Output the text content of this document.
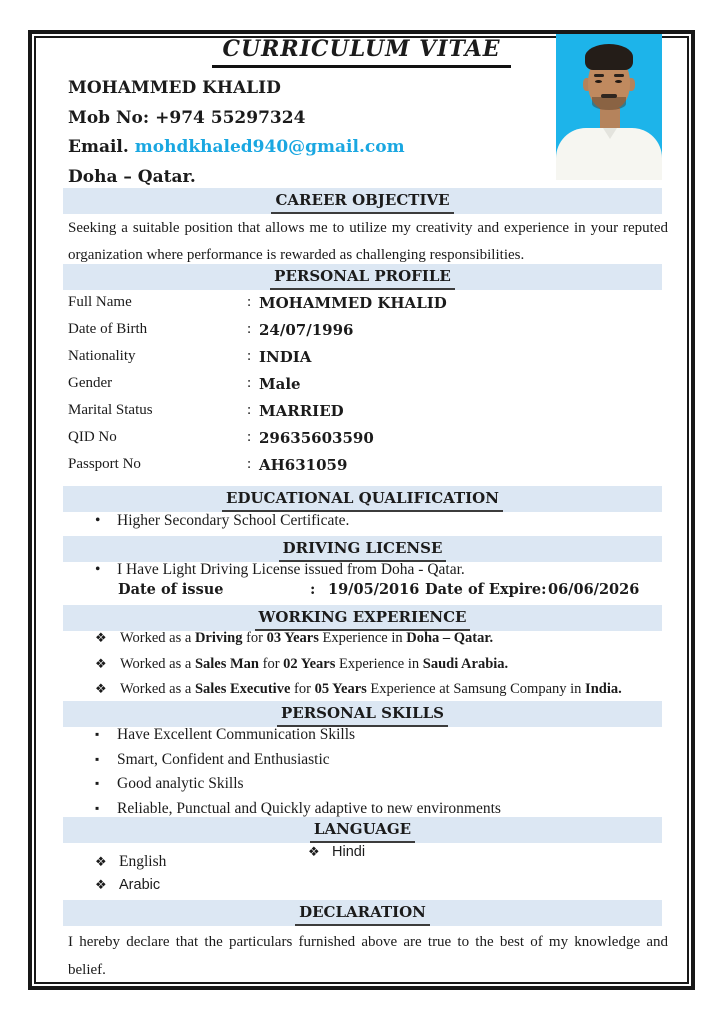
CURRICULUM VITAE
MOHAMMED KHALID
Mob No: +974 55297324
Email. mohdkhaled940@gmail.com
Doha – Qatar.
CAREER OBJECTIVE
Seeking a suitable position that allows me to utilize my creativity and experience in your reputed organization where performance is rewarded as challenging responsibilities.
PERSONAL PROFILE
Full Name	: MOHAMMED KHALID
Date of Birth	: 24/07/1996
Nationality	: INDIA
Gender	: Male
Marital Status	: MARRIED
QID No	: 29635603590
Passport No	: AH631059
EDUCATIONAL QUALIFICATION
• Higher Secondary School Certificate.
DRIVING LICENSE
• I Have Light Driving License issued from Doha - Qatar.
Date of issue	: 19/05/2016 Date of Expire: 06/06/2026
WORKING EXPERIENCE
❖ Worked as a Driving for 03 Years Experience in Doha – Qatar.
❖ Worked as a Sales Man for 02 Years Experience in Saudi Arabia.
❖ Worked as a Sales Executive for 05 Years Experience at Samsung Company in India.
PERSONAL SKILLS
▪ Have Excellent Communication Skills
▪ Smart, Confident and Enthusiastic
▪ Good analytic Skills
▪ Reliable, Punctual and Quickly adaptive to new environments
LANGUAGE
❖ Hindi
❖ English
❖ Arabic
DECLARATION
I hereby declare that the particulars furnished above are true to the best of my knowledge and belief.
